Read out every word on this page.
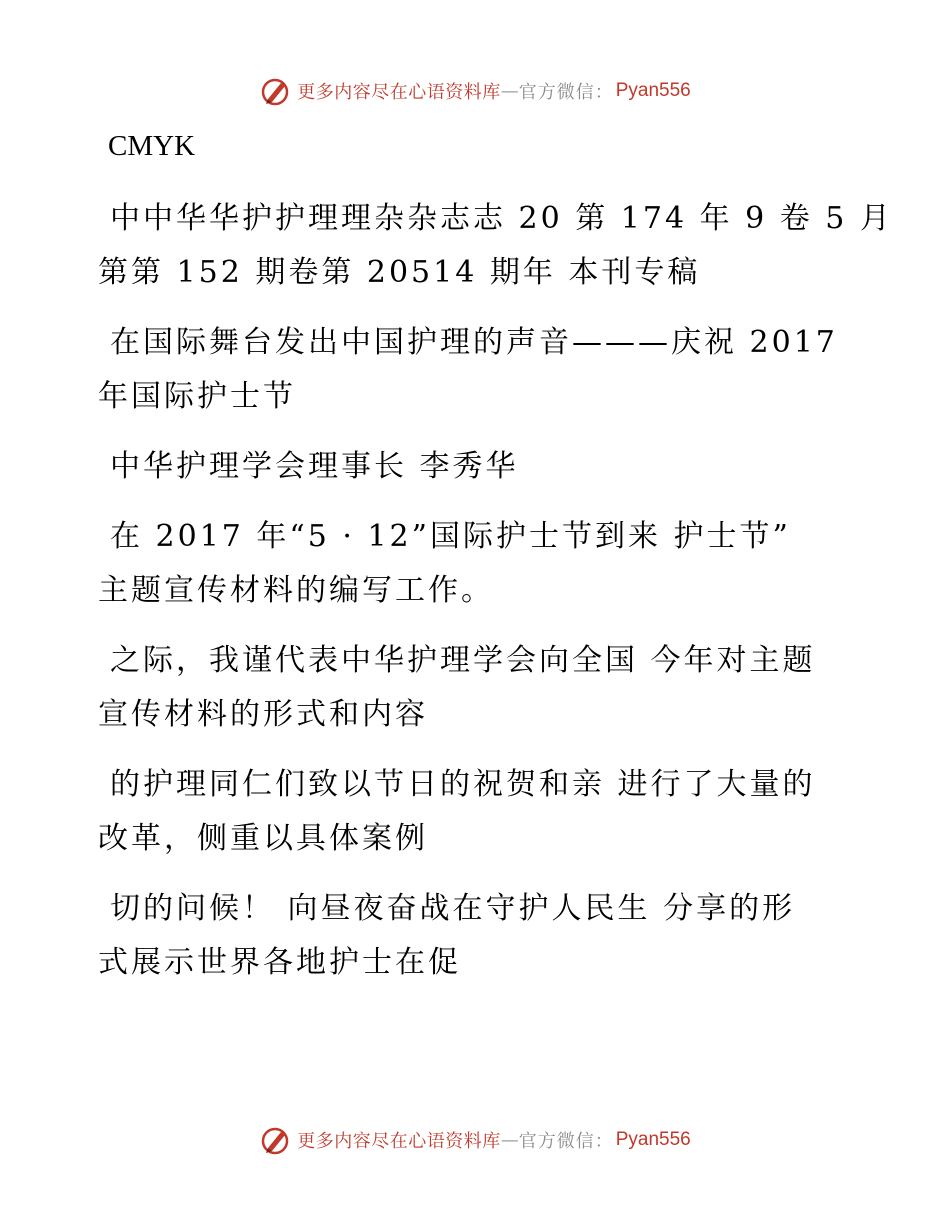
更多内容尽在心语资料库 — 官方微信： Pyan556
CMYK
中中华华护护理理杂杂志志 20 第 174 年 9 卷 5 月
第第 152 期卷第 20514 期年 本刊专稿
在国际舞台发出中国护理的声音———庆祝 2017
年国际护士节
中华护理学会理事长 李秀华
在 2017 年“5 · 12”国际护士节到来 护士节”
主题宣传材料的编写工作。
之际，我谨代表中华护理学会向全国 今年对主题
宣传材料的形式和内容
的护理同仁们致以节日的祝贺和亲 进行了大量的
改革，侧重以具体案例
切的问候！ 向昼夜奋战在守护人民生 分享的形
式展示世界各地护士在促
更多内容尽在心语资料库 — 官方微信： Pyan556
